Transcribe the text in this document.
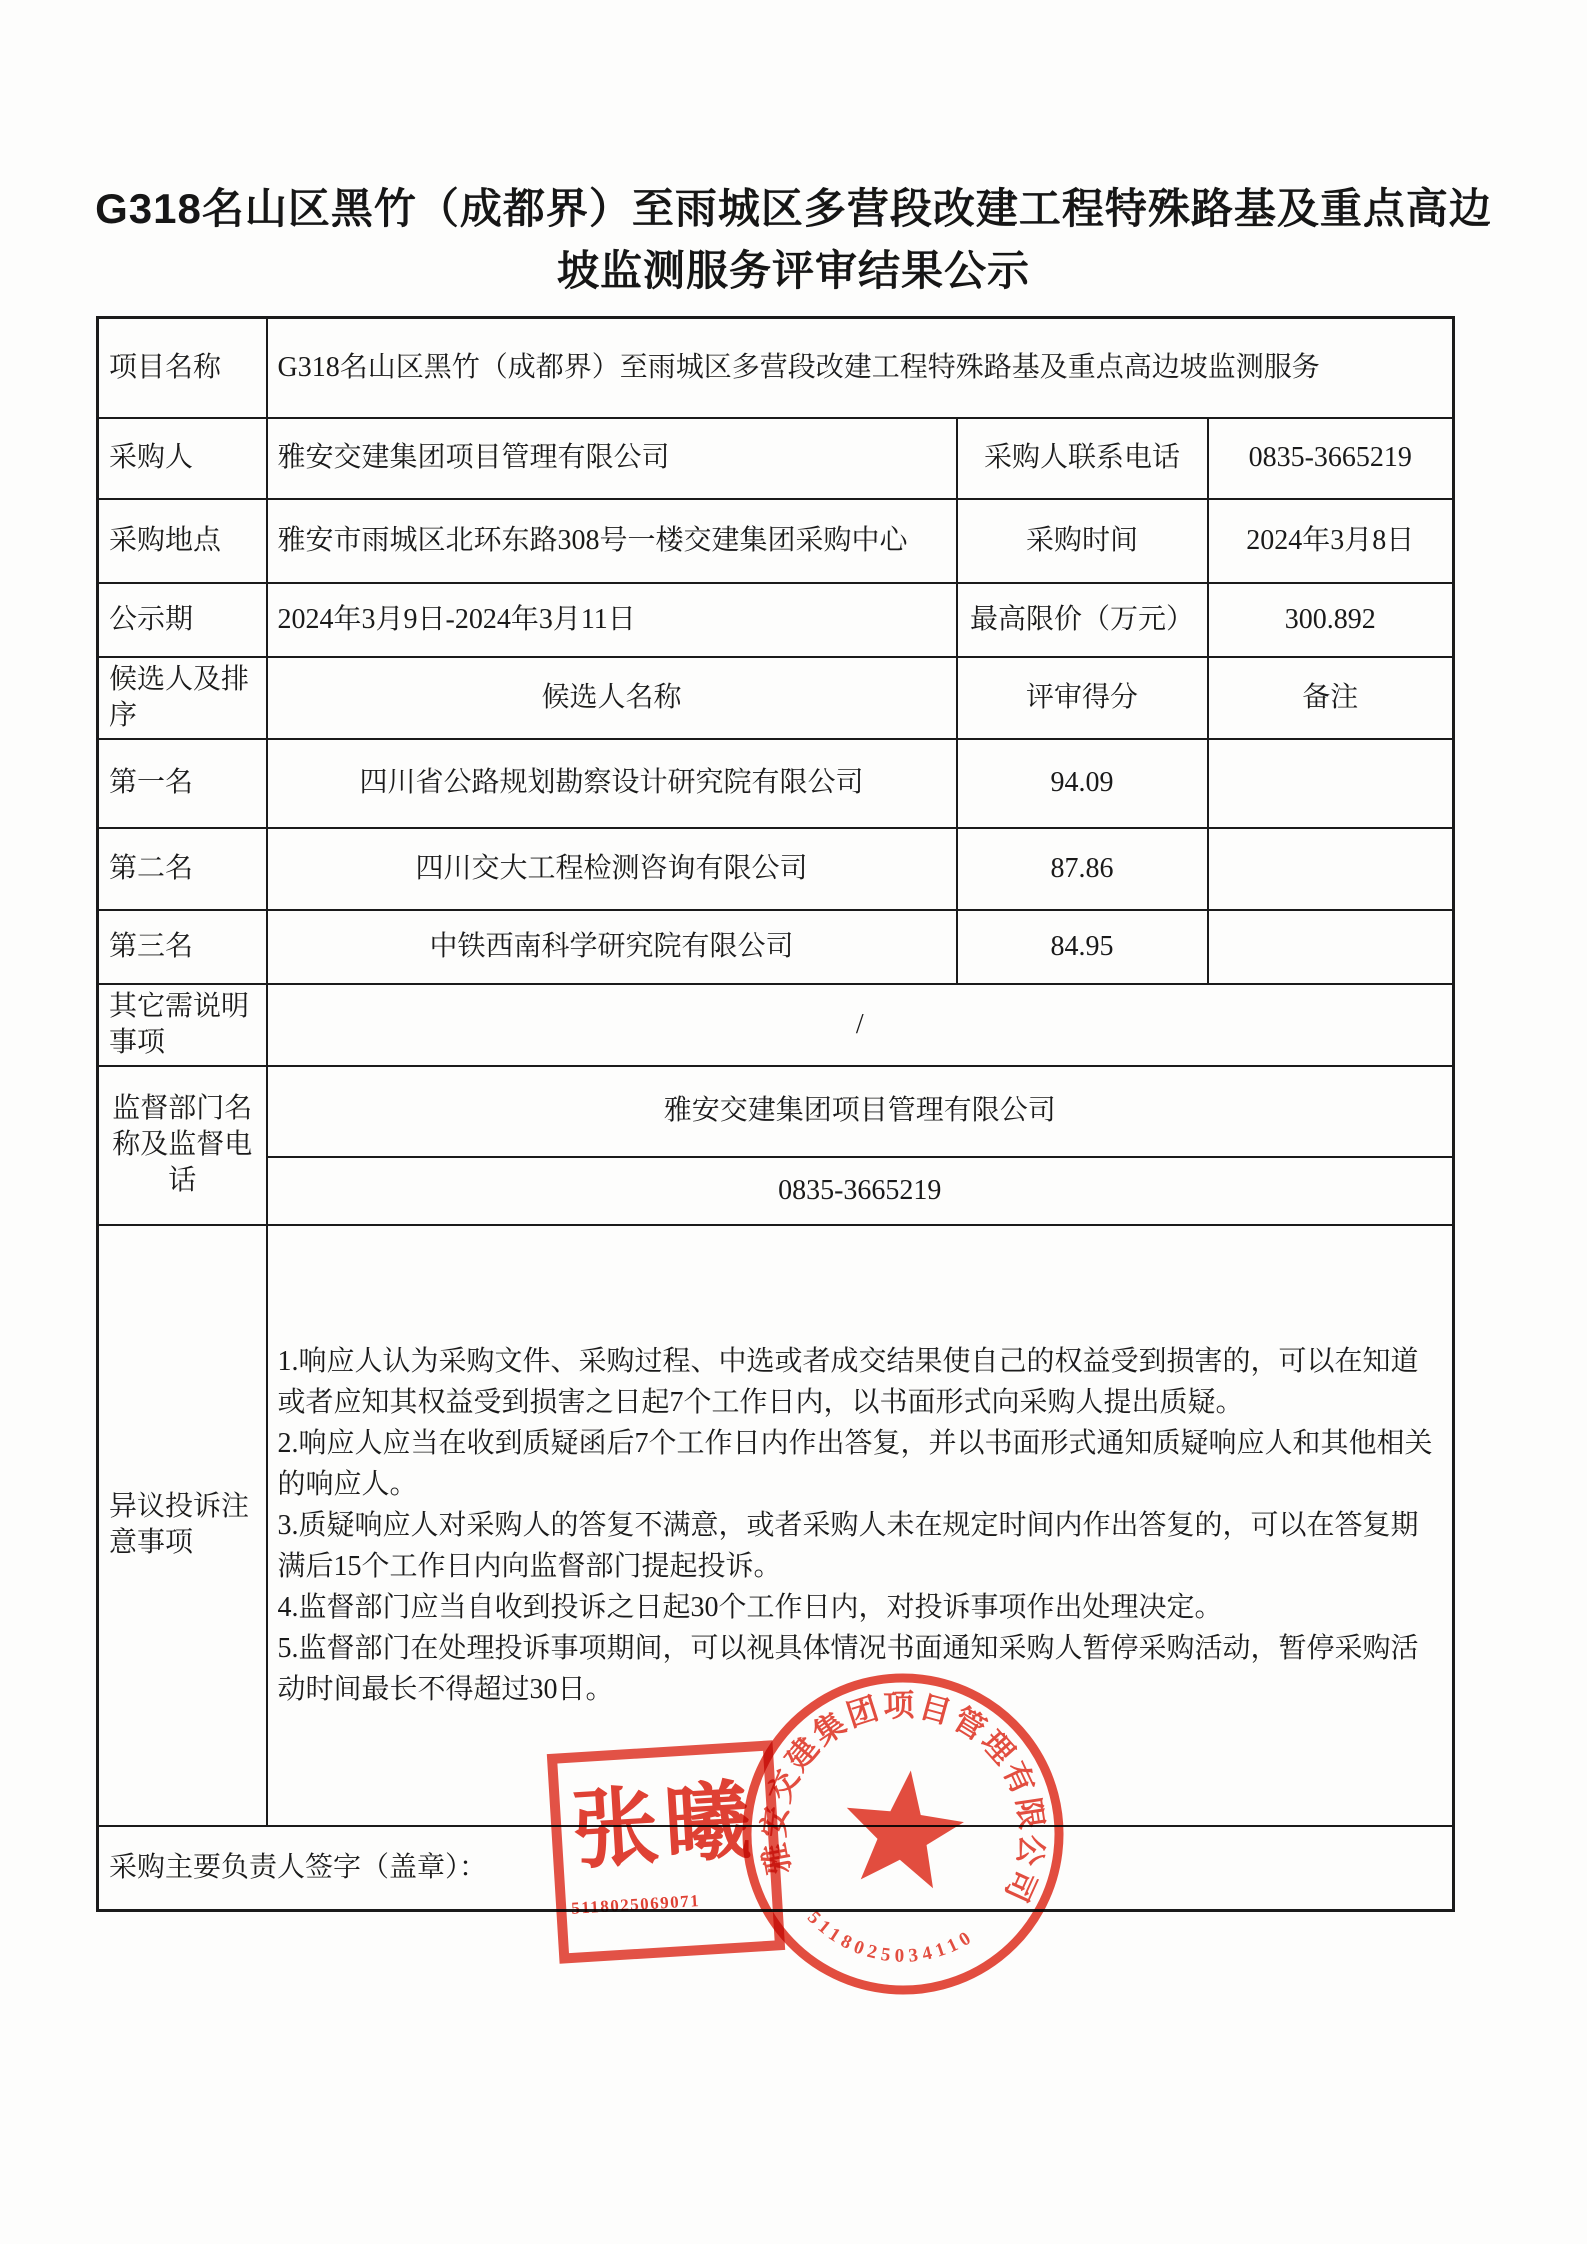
G318名山区黑竹（成都界）至雨城区多营段改建工程特殊路基及重点高边坡监测服务评审结果公示
项目名称	G318名山区黑竹（成都界）至雨城区多营段改建工程特殊路基及重点高边坡监测服务		
采购人	雅安交建集团项目管理有限公司	采购人联系电话	0835-3665219
采购地点	雅安市雨城区北环东路308号一楼交建集团采购中心	采购时间	2024年3月8日
公示期	2024年3月9日-2024年3月11日	最高限价（万元）	300.892
候选人及排序	候选人名称	评审得分	备注
第一名	四川省公路规划勘察设计研究院有限公司	94.09	
第二名	四川交大工程检测咨询有限公司	87.86	
第三名	中铁西南科学研究院有限公司	84.95	
其它需说明事项	/		
监督部门名称及监督电话	雅安交建集团项目管理有限公司		
	0835-3665219		
异议投诉注意事项	1.响应人认为采购文件、采购过程、中选或者成交结果使自己的权益受到损害的，可以在知道或者应知其权益受到损害之日起7个工作日内，以书面形式向采购人提出质疑。
2.响应人应当在收到质疑函后7个工作日内作出答复，并以书面形式通知质疑响应人和其他相关的响应人。
3.质疑响应人对采购人的答复不满意，或者采购人未在规定时间内作出答复的，可以在答复期满后15个工作日内向监督部门提起投诉。
4.监督部门应当自收到投诉之日起30个工作日内，对投诉事项作出处理决定。
5.监督部门在处理投诉事项期间，可以视具体情况书面通知采购人暂停采购活动，暂停采购活动时间最长不得超过30日。		

采购主要负责人签字（盖章）：			张曦
5118025069071
雅安交建集团项目管理有限公司
5118025034110
